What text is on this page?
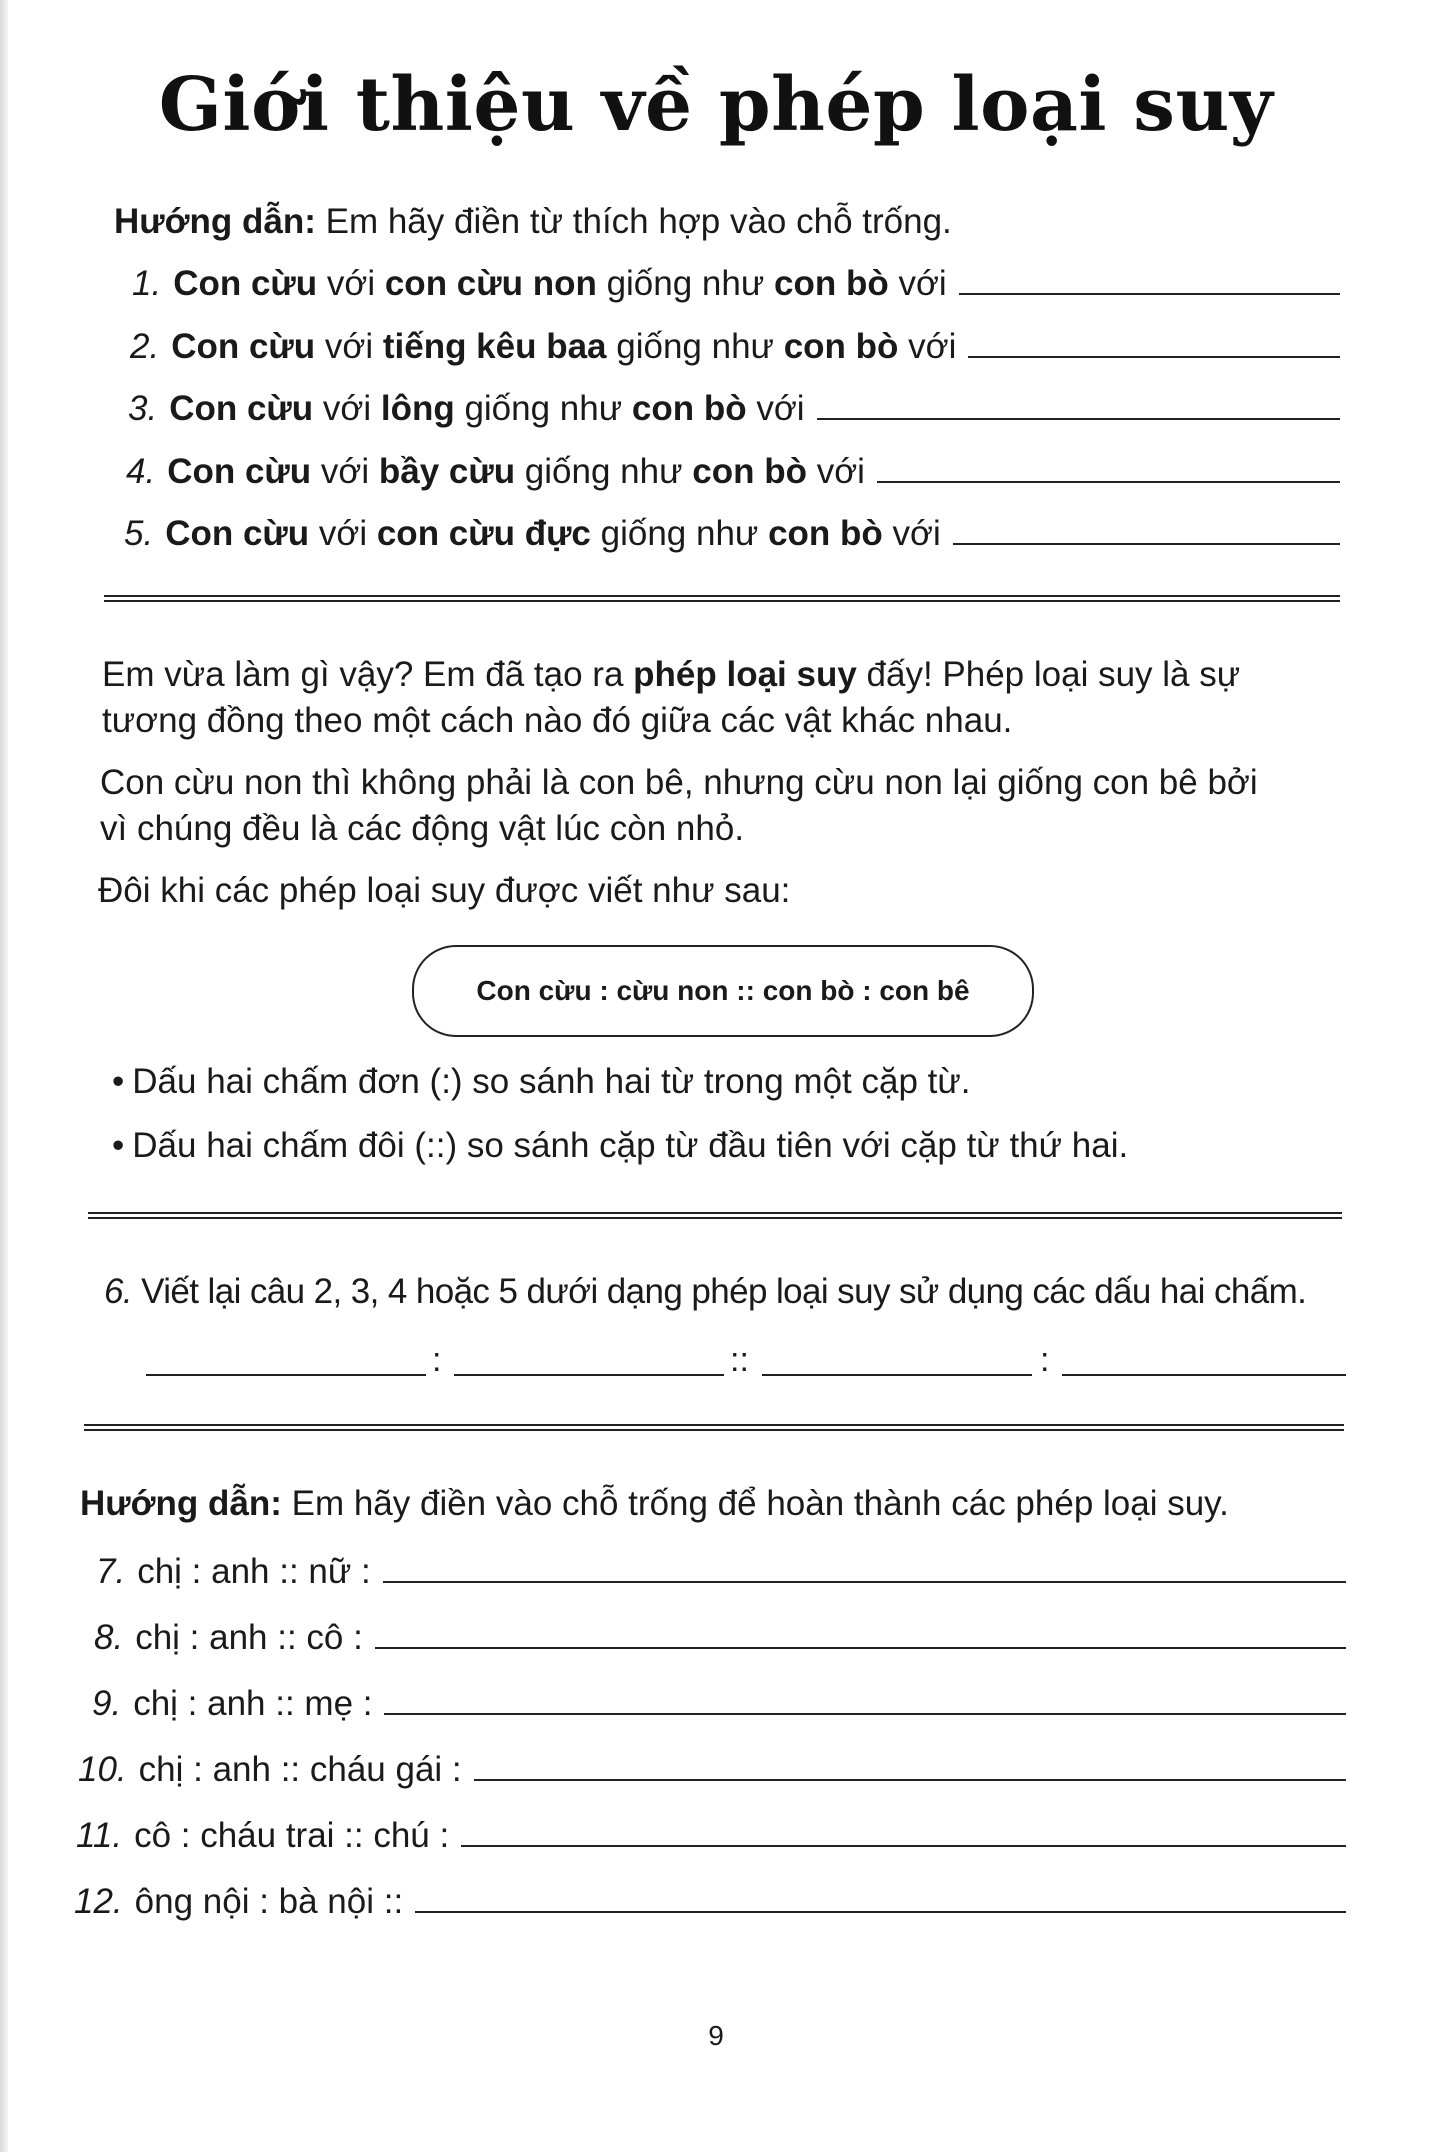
Giới thiệu về phép loại suy
Hướng dẫn: Em hãy điền từ thích hợp vào chỗ trống.
1. Con cừu với con cừu non giống như con bò với
2. Con cừu với tiếng kêu baa giống như con bò với
3. Con cừu với lông giống như con bò với
4. Con cừu với bầy cừu giống như con bò với
5. Con cừu với con cừu đực giống như con bò với
Em vừa làm gì vậy? Em đã tạo ra phép loại suy đấy! Phép loại suy là sự
tương đồng theo một cách nào đó giữa các vật khác nhau.
Con cừu non thì không phải là con bê, nhưng cừu non lại giống con bê bởi
vì chúng đều là các động vật lúc còn nhỏ.
Đôi khi các phép loại suy được viết như sau:
Con cừu : cừu non :: con bò : con bê
• Dấu hai chấm đơn (:) so sánh hai từ trong một cặp từ.
• Dấu hai chấm đôi (::) so sánh cặp từ đầu tiên với cặp từ thứ hai.
6. Viết lại câu 2, 3, 4 hoặc 5 dưới dạng phép loại suy sử dụng các dấu hai chấm.
:	::	:
Hướng dẫn: Em hãy điền vào chỗ trống để hoàn thành các phép loại suy.
7. chị : anh :: nữ :
8. chị : anh :: cô :
9. chị : anh :: mẹ :
10. chị : anh :: cháu gái :
11. cô : cháu trai :: chú :
12. ông nội : bà nội ::
9
